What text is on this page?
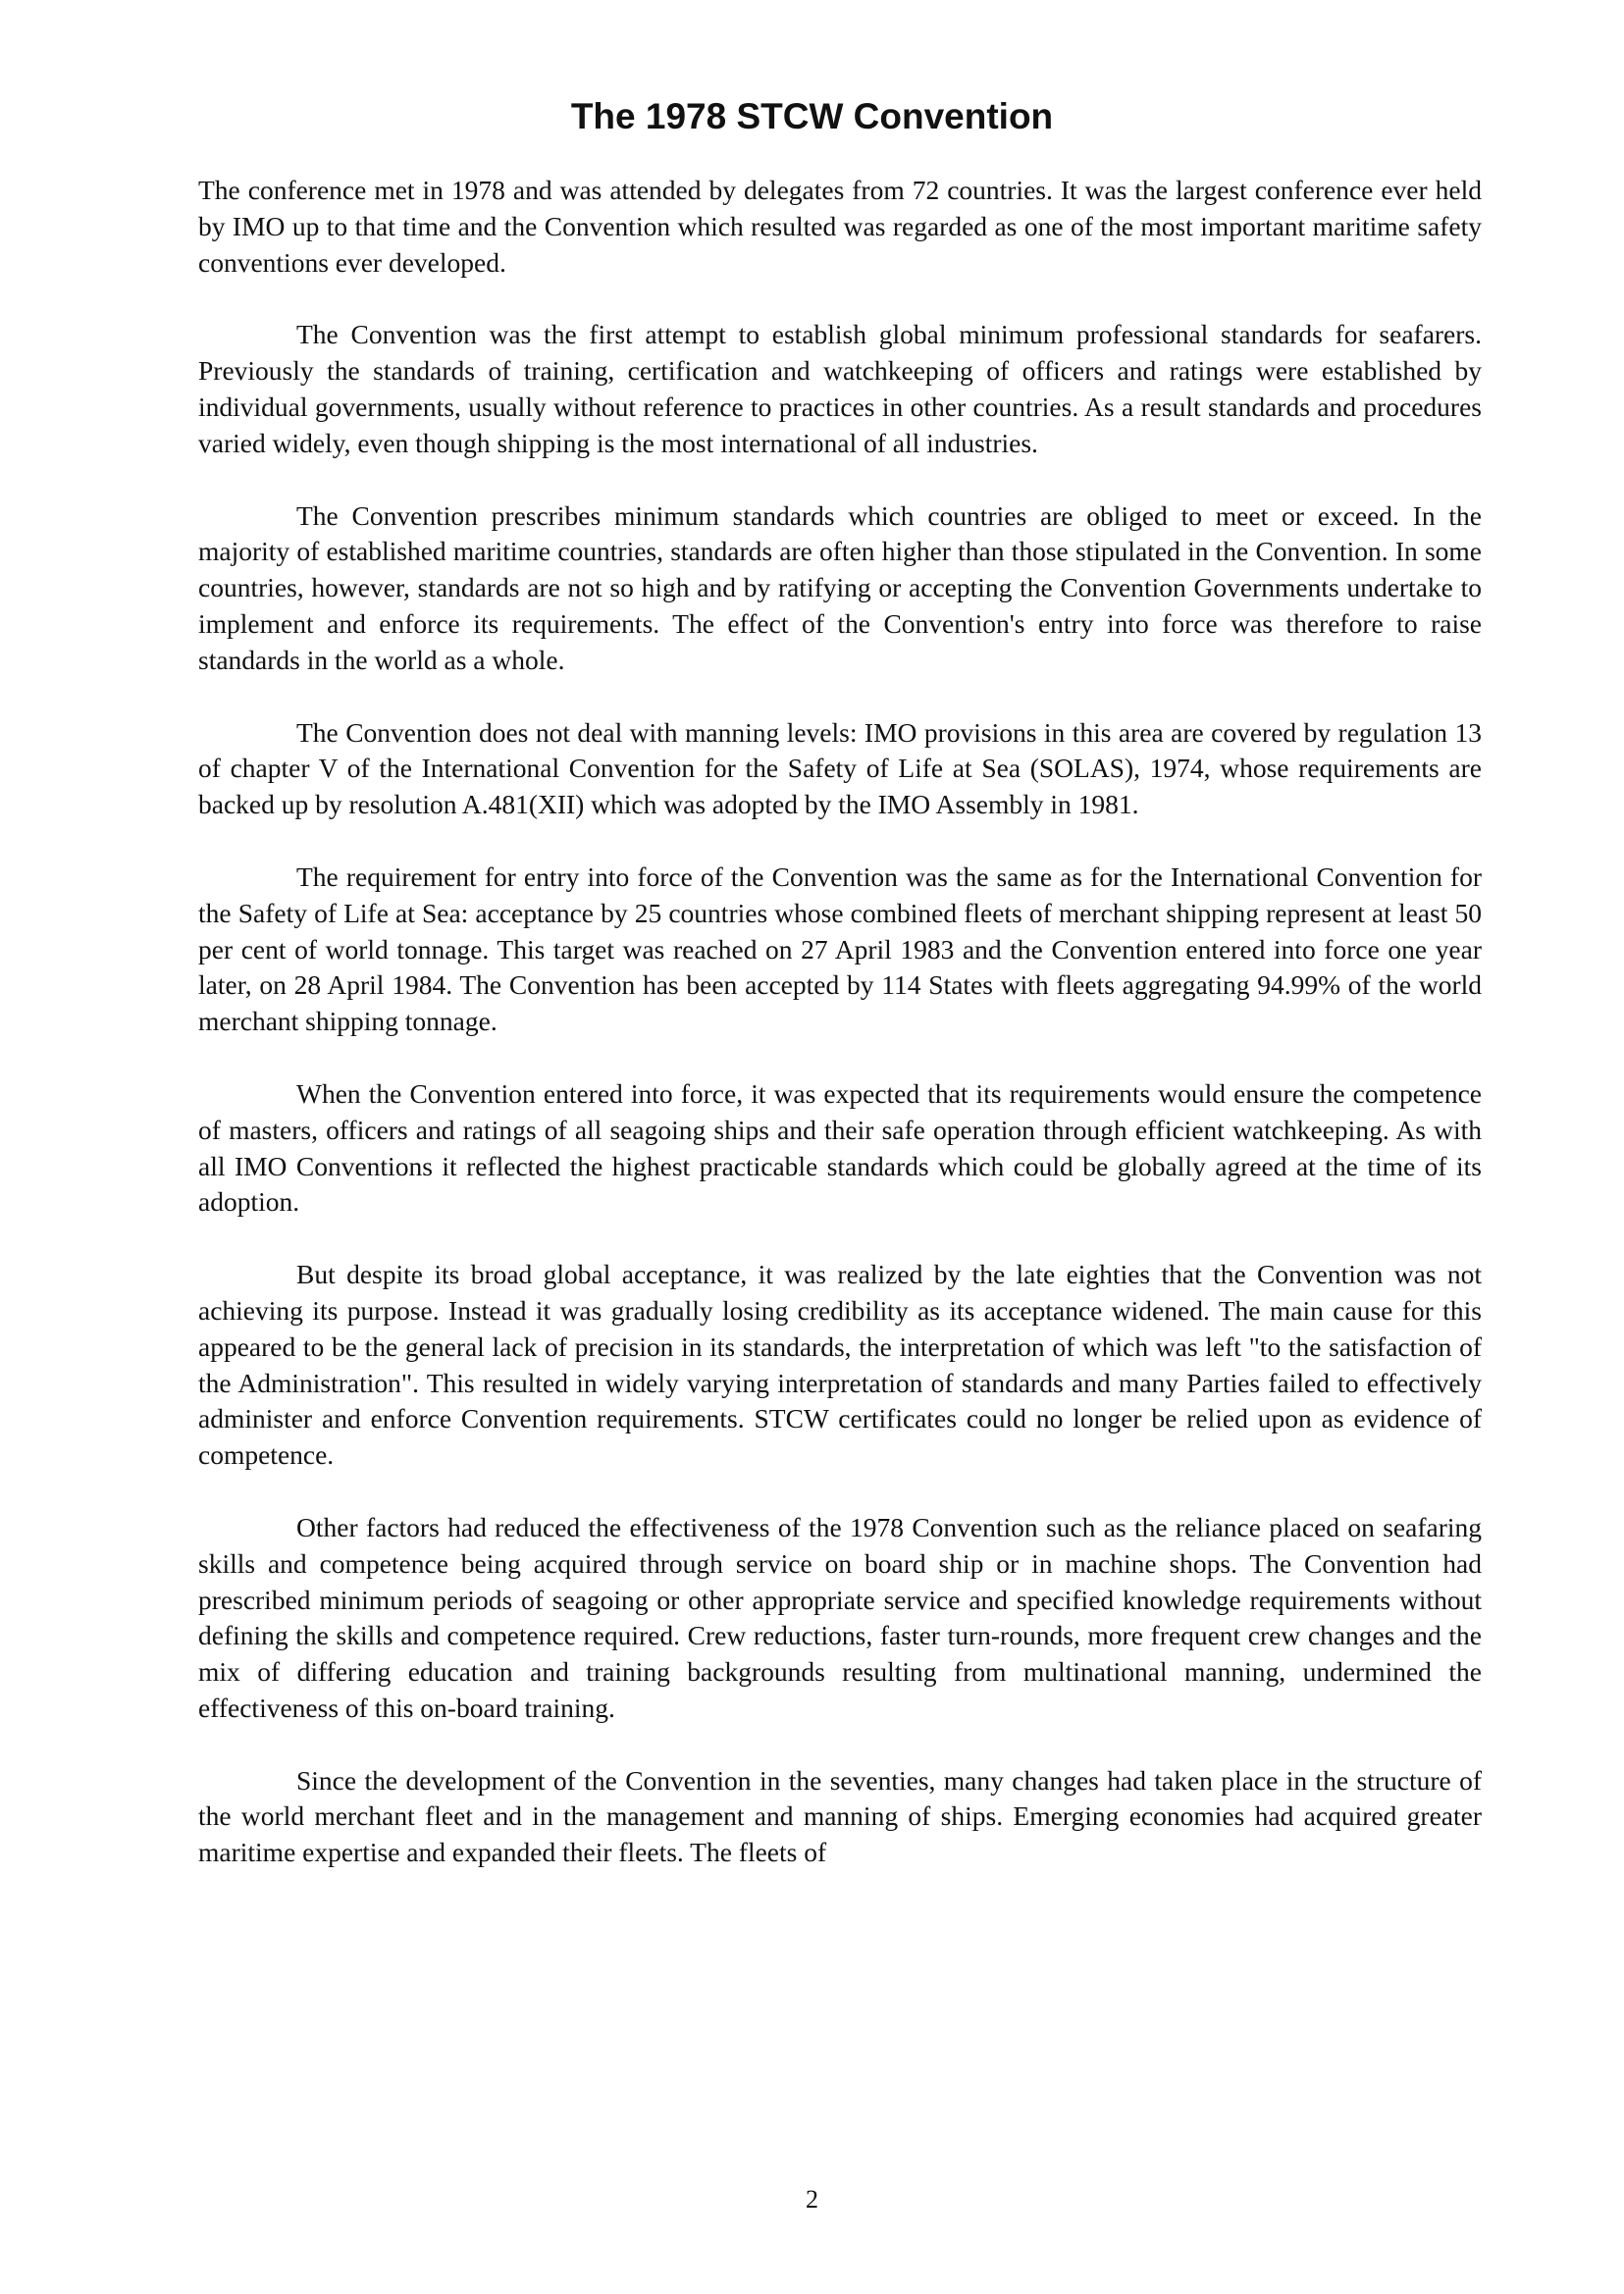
The 1978 STCW Convention

The conference met in 1978 and was attended by delegates from 72 countries. It was the largest conference ever held by IMO up to that time and the Convention which resulted was regarded as one of the most important maritime safety conventions ever developed.

The Convention was the first attempt to establish global minimum professional standards for seafarers. Previously the standards of training, certification and watchkeeping of officers and ratings were established by individual governments, usually without reference to practices in other countries. As a result standards and procedures varied widely, even though shipping is the most international of all industries.

The Convention prescribes minimum standards which countries are obliged to meet or exceed. In the majority of established maritime countries, standards are often higher than those stipulated in the Convention. In some countries, however, standards are not so high and by ratifying or accepting the Convention Governments undertake to implement and enforce its requirements. The effect of the Convention's entry into force was therefore to raise standards in the world as a whole.

The Convention does not deal with manning levels: IMO provisions in this area are covered by regulation 13 of chapter V of the International Convention for the Safety of Life at Sea (SOLAS), 1974, whose requirements are backed up by resolution A.481(XII) which was adopted by the IMO Assembly in 1981.

The requirement for entry into force of the Convention was the same as for the International Convention for the Safety of Life at Sea: acceptance by 25 countries whose combined fleets of merchant shipping represent at least 50 per cent of world tonnage. This target was reached on 27 April 1983 and the Convention entered into force one year later, on 28 April 1984. The Convention has been accepted by 114 States with fleets aggregating 94.99% of the world merchant shipping tonnage.

When the Convention entered into force, it was expected that its requirements would ensure the competence of masters, officers and ratings of all seagoing ships and their safe operation through efficient watchkeeping. As with all IMO Conventions it reflected the highest practicable standards which could be globally agreed at the time of its adoption.

But despite its broad global acceptance, it was realized by the late eighties that the Convention was not achieving its purpose. Instead it was gradually losing credibility as its acceptance widened. The main cause for this appeared to be the general lack of precision in its standards, the interpretation of which was left "to the satisfaction of the Administration". This resulted in widely varying interpretation of standards and many Parties failed to effectively administer and enforce Convention requirements. STCW certificates could no longer be relied upon as evidence of competence.

Other factors had reduced the effectiveness of the 1978 Convention such as the reliance placed on seafaring skills and competence being acquired through service on board ship or in machine shops. The Convention had prescribed minimum periods of seagoing or other appropriate service and specified knowledge requirements without defining the skills and competence required. Crew reductions, faster turn-rounds, more frequent crew changes and the mix of differing education and training backgrounds resulting from multinational manning, undermined the effectiveness of this on-board training.

Since the development of the Convention in the seventies, many changes had taken place in the structure of the world merchant fleet and in the management and manning of ships. Emerging economies had acquired greater maritime expertise and expanded their fleets. The fleets of

2
